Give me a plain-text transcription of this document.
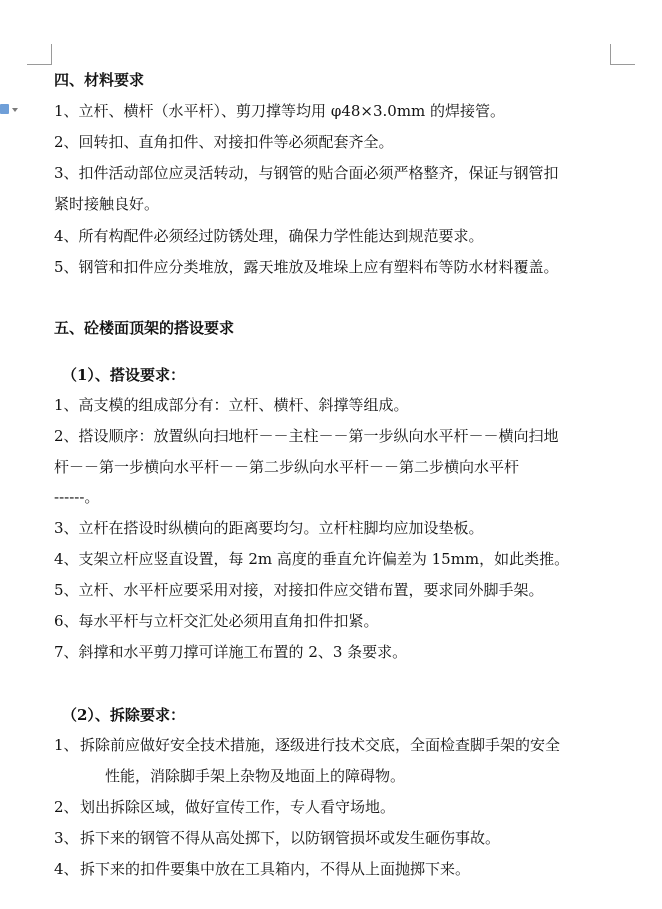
四、材料要求
1、立杆、横杆（水平杆）、剪刀撑等均用 φ48×3.0mm 的焊接管。
2、回转扣、直角扣件、对接扣件等必须配套齐全。
3、扣件活动部位应灵活转动，与钢管的贴合面必须严格整齐，保证与钢管扣
紧时接触良好。
4、所有构配件必须经过防锈处理，确保力学性能达到规范要求。
5、钢管和扣件应分类堆放，露天堆放及堆垛上应有塑料布等防水材料覆盖。
五、砼楼面顶架的搭设要求
（1）、搭设要求：
1、高支模的组成部分有：立杆、横杆、斜撑等组成。
2、搭设顺序：放置纵向扫地杆－－主柱－－第一步纵向水平杆－－横向扫地
杆－－第一步横向水平杆－－第二步纵向水平杆－－第二步横向水平杆
------。
3、立杆在搭设时纵横向的距离要均匀。立杆柱脚均应加设垫板。
4、支架立杆应竖直设置，每 2m 高度的垂直允许偏差为 15mm，如此类推。
5、立杆、水平杆应要采用对接，对接扣件应交错布置，要求同外脚手架。
6、每水平杆与立杆交汇处必须用直角扣件扣紧。
7、斜撑和水平剪刀撑可详施工布置的 2、3 条要求。
（2）、拆除要求：
1、 拆除前应做好安全技术措施，逐级进行技术交底，全面检查脚手架的安全
性能，消除脚手架上杂物及地面上的障碍物。
2、 划出拆除区域，做好宣传工作，专人看守场地。
3、 拆下来的钢管不得从高处掷下，以防钢管损坏或发生砸伤事故。
4、 拆下来的扣件要集中放在工具箱内，不得从上面抛掷下来。
